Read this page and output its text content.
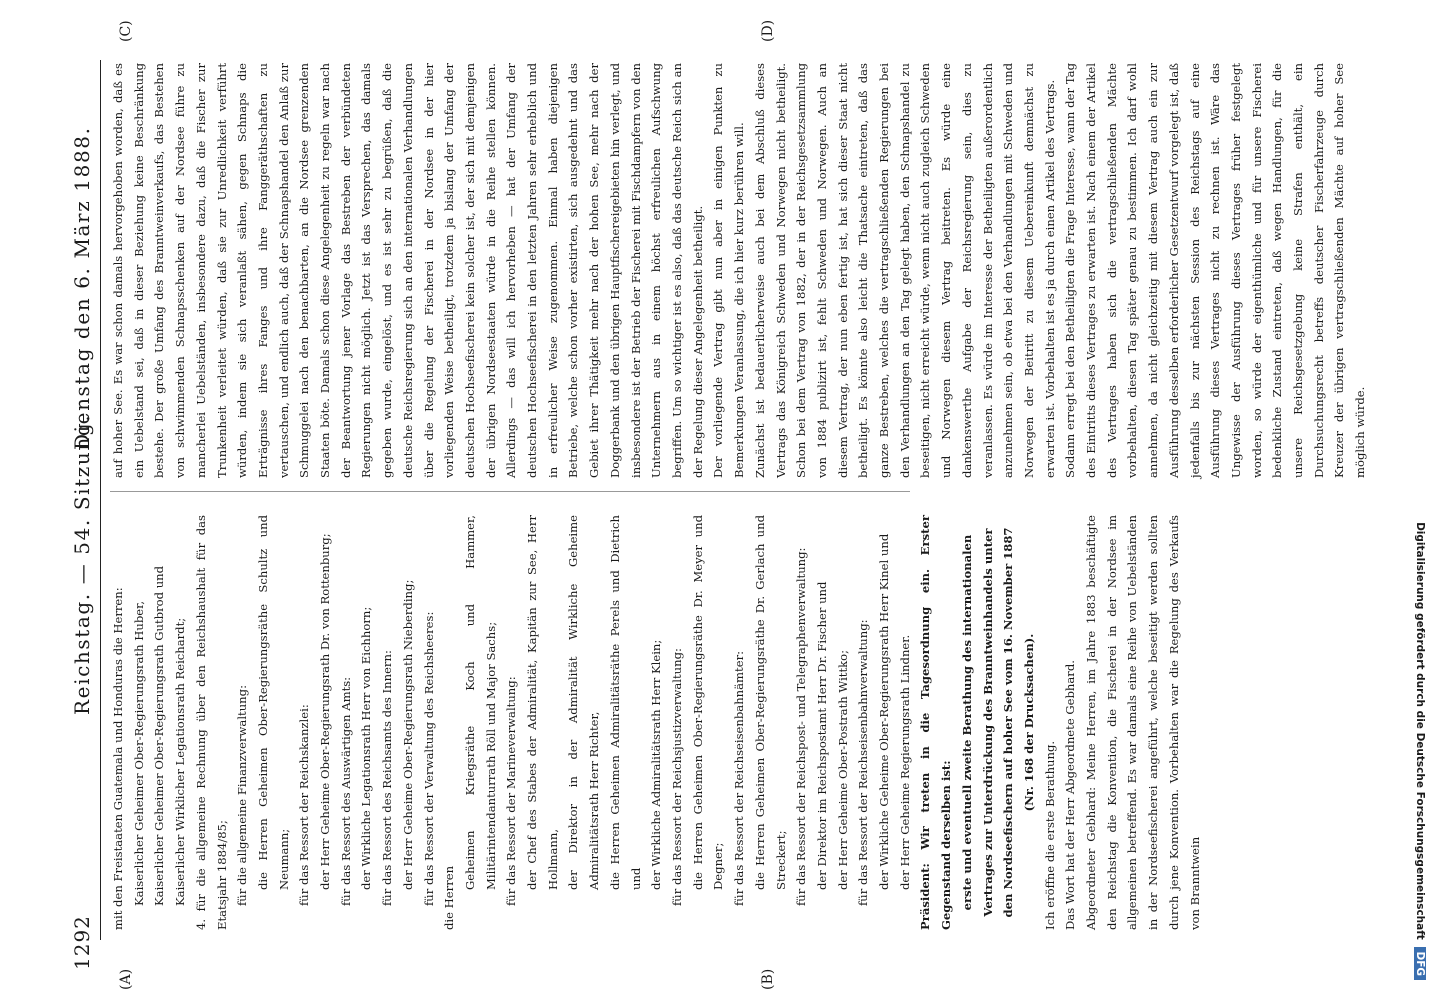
1292
Reichstag. — 54. Sitzung.
Dienstag den 6. März 1888.
(A)	(B)
(C)	(D)

mit den Freistaaten Guatemala und Honduras die Herren: Kaiserlicher Geheimer Ober-Regierungsrath Huber, Kaiserlicher Geheimer Ober-Regierungsrath Gutbrod und Kaiserlicher Wirklicher Legationsrath Reichardt; 4. für die allgemeine Rechnung über den Reichshaushalt für das Etatsjahr 1884/85; für die allgemeine Finanzverwaltung: die Herren Geheimen Ober-Regierungsräthe Schultz und Neumann; für das Ressort der Reichskanzlei: der Herr Geheime Ober-Regierungsrath Dr. von Rottenburg; für das Ressort des Auswärtigen Amts: der Wirkliche Legationsrath Herr von Eichhorn; für das Ressort des Reichsamts des Innern: der Herr Geheime Ober-Regierungsrath Nieberding; für das Ressort der Verwaltung des Reichsheeres: die Herren

Geheimen Kriegsräthe Koch und Hammer, Militärintendanturrath Röll und Major Sachs; für das Ressort der Marineverwaltung: der Chef des Stabes der Admiralität, Kapitän zur See, Herr Hollmann, der Direktor in der Admiralität Wirkliche Geheime Admiralitätsrath Herr Richter, die Herren Geheimen Admiralitätsräthe Perels und Dietrich und der Wirkliche Admiralitätsrath Herr Klein; für das Ressort der Reichsjustizverwaltung: die Herren Geheimen Ober-Regierungsräthe Dr. Meyer und Degner; für das Ressort der Reichseisenbahnämter: die Herren Geheimen Ober-Regierungsräthe Dr. Gerlach und Streckert; für das Ressort der Reichspost- und Telegraphenverwaltung: der Direktor im Reichspostamt Herr Dr. Fischer und der Herr Geheime Ober-Postrath Wittko; für das Ressort der Reichseisenbahnverwaltung: der Wirkliche Geheime Ober-Regierungsrath Herr Kinel und der Herr Geheime Regierungsrath Lindner. Präsident: Wir treten in die Tagesordnung ein. Erster Gegenstand derselben ist: erste und eventuell zweite Berathung des internationalen Vertrages zur Unterdrückung des Branntweinhandels unter den Nordseefischern auf hoher See vom 16. November 1887 (Nr. 168 der Drucksachen).

Ich eröffne die erste Berathung. Das Wort hat der Herr Abgeordnete Gebhard. Abgeordneter Gebhard: Meine Herren, im Jahre 1883 beschäftigte den Reichstag die Konvention, die Fischerei in der Nordsee im allgemeinen betreffend. Es war damals eine Reihe von Uebelständen in der Nordseefischerei angeführt, welche beseitigt werden sollten durch jene Konvention. Vorbehalten war die Regelung des Verkaufs von Branntwein

auf hoher See. Es war schon damals hervorgehoben worden, daß es ein Uebelstand sei, daß in dieser Beziehung keine Beschränkung bestehe. Der große Umfang des Branntweinverkaufs, das Bestehen von schwimmenden Schnapsschenken auf der Nordsee führe zu mancherlei Uebelständen, insbesondere dazu, daß die Fischer zur Trunkenheit verleitet würden, daß sie zur Unredlichkeit verführt würden, indem sie sich veranlaßt sähen, gegen Schnaps die Erträgnisse ihres Fanges und ihre Fanggeräthschaften zu vertauschen, und endlich auch, daß der Schnapshandel den Anlaß zur Schmuggelei nach den benachbarten, an die Nordsee grenzenden Staaten böte. Damals schon diese Angelegenheit zu regeln war nach der Beantwortung jener Vorlage das Bestreben der verbündeten Regierungen nicht möglich. Jetzt ist das Versprechen, das damals gegeben wurde, eingelöst, und es ist sehr zu begrüßen, daß die deutsche Reichsregierung sich an den internationalen Verhandlungen über die Regelung der Fischerei in der Nordsee in der hier vorliegenden Weise betheiligt, trotzdem ja bislang der Umfang der deutschen Hochseefischerei kein solcher ist, der sich mit demjenigen der übrigen Nordseestaaten würde in die Reihe stellen können. Allerdings — das will ich hervorheben — hat der Umfang der deutschen Hochseefischerei in den letzten Jahren sehr erheblich und in erfreulicher Weise zugenommen. Einmal haben diejenigen Betriebe, welche schon vorher existirten, sich ausgedehnt und das Gebiet ihrer Thätigkeit mehr nach der hohen See, mehr nach der Doggerbank und den übrigen Hauptfischereigebieten hin verlegt, und insbesondere ist der Betrieb der Fischerei mit Fischdampfern von den Unternehmern aus in einem höchst erfreulichen Aufschwung begriffen. Um so wichtiger ist es also, daß das deutsche Reich sich an der Regelung dieser Angelegenheit betheiligt. Der vorliegende Vertrag gibt nun aber in einigen Punkten zu Bemerkungen Veranlassung, die ich hier kurz berühren will. Zunächst ist bedauerlicherweise auch bei dem Abschluß dieses Vertrags das Königreich Schweden und Norwegen nicht betheiligt. Schon bei dem Vertrag von 1882, der in der Reichsgesetzsammlung von 1884 publizirt ist, fehlt Schweden und Norwegen. Auch an diesem Vertrag, der nun eben fertig ist, hat sich dieser Staat nicht betheiligt. Es könnte also leicht die Thatsache eintreten, daß das ganze Bestreben, welches die vertragschließenden Regierungen bei den Verhandlungen an den Tag gelegt haben, den Schnapshandel zu beseitigen, nicht erreicht würde, wenn nicht auch zugleich Schweden und Norwegen diesem Vertrag beitreten. Es würde eine dankenswerthe Aufgabe der Reichsregierung sein, dies zu veranlassen. Es würde im Interesse der Betheiligten außerordentlich anzunehmen sein, ob etwa bei den Verhandlungen mit Schweden und Norwegen der Beitritt zu diesem Uebereinkunft demnächst zu erwarten ist. Vorbehalten ist es ja durch einen Artikel des Vertrags. Sodann erregt bei den Betheiligten die Frage Interesse, wann der Tag des Eintritts dieses Vertrages zu erwarten ist. Nach einem der Artikel des Vertrages haben sich die vertragschließenden Mächte vorbehalten, diesen Tag später genau zu bestimmen. Ich darf wohl annehmen, da nicht gleichzeitig mit diesem Vertrag auch ein zur Ausführung desselben erforderlicher Gesetzentwurf vorgelegt ist, daß jedenfalls bis zur nächsten Session des Reichstags auf eine Ausführung dieses Vertrages nicht zu rechnen ist. Wäre das Ungewisse der Ausführung dieses Vertrages früher festgelegt worden, so würde der eigenthümliche und für unsere Fischerei bedenkliche Zustand eintreten, daß wegen Handlungen, für die unsere Reichsgesetzgebung keine Strafen enthält, ein Durchsuchungsrecht betreffs deutscher Fischerfahrzeuge durch Kreuzer der übrigen vertragschließenden Mächte auf hoher See möglich würde.

Digitalisierung gefördert durch die Deutsche Forschungsgemeinschaft DFG
